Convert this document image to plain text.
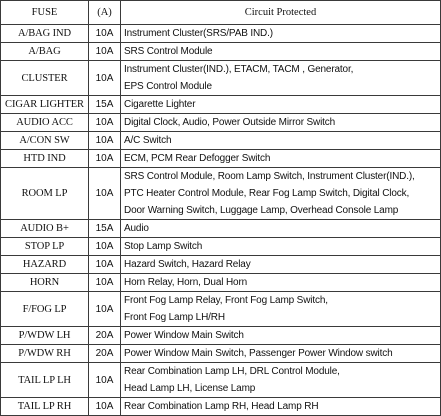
FUSE	(A)	Circuit Protected
A/BAG IND	10A	Instrument Cluster(SRS/PAB IND.)

A/BAG	10A	SRS Control Module

CLUSTER	10A	Instrument Cluster(IND.), ETACM, TACM , Generator,
EPS Control Module

CIGAR LIGHTER	15A	Cigarette Lighter

AUDIO ACC	10A	Digital Clock, Audio, Power Outside Mirror Switch

A/CON SW	10A	A/C Switch

HTD IND	10A	ECM, PCM Rear Defogger Switch

ROOM LP	10A	SRS Control Module, Room Lamp Switch, Instrument Cluster(IND.),
PTC Heater Control Module, Rear Fog Lamp Switch, Digital Clock,
Door Warning Switch, Luggage Lamp, Overhead Console Lamp

AUDIO B+	15A	Audio

STOP LP	10A	Stop Lamp Switch

HAZARD	10A	Hazard Switch, Hazard Relay

HORN	10A	Horn Relay, Horn, Dual Horn

F/FOG LP	10A	Front Fog Lamp Relay, Front Fog Lamp Switch,
Front Fog Lamp LH/RH

P/WDW LH	20A	Power Window Main Switch

P/WDW RH	20A	Power Window Main Switch, Passenger Power Window switch

TAIL LP LH	10A	Rear Combination Lamp LH, DRL Control Module,
Head Lamp LH, License Lamp

TAIL LP RH	10A	Rear Combination Lamp RH, Head Lamp RH
